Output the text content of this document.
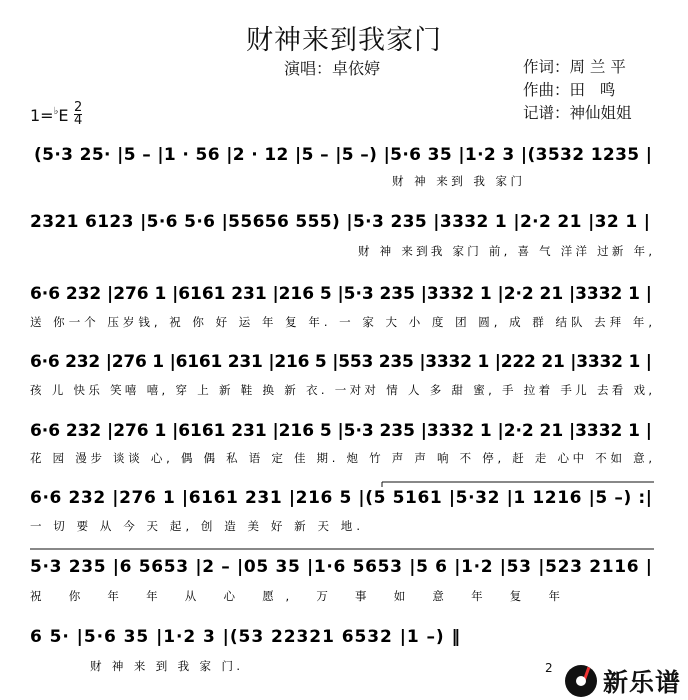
财神来到我家门
演唱：卓依婷	作词：周 兰 平
作曲：田   鸣
记谱：神仙姐姐
1=♭E 2
4
(5·3 25· |5 – |1 · 56 |2 · 12 |5 – |5 –) |5·6 35 |1·2 3 |(3532 1235 |
财 神 来到 我 家门
2321 6123 |5·6 5·6 |55656 555) |5·3 235 |3332 1 |2·2 21 |32 1 |
财 神 来到我 家门 前, 喜 气 洋洋 过新 年,
6·6 232 |276 1 |6161 231 |216 5 |5·3 235 |3332 1 |2·2 21 |3332 1 |
送 你一个 压岁钱, 祝 你 好 运 年 复 年. 一 家 大 小 度 团 圆, 成 群 结队 去拜 年,
6·6 232 |276 1 |6161 231 |216 5 |553 235 |3332 1 |222 21 |3332 1 |
孩 儿 快乐 笑嘻 嘻, 穿 上 新 鞋 换 新 衣. 一对对 情 人 多 甜 蜜, 手 拉着 手儿 去看 戏,
6·6 232 |276 1 |6161 231 |216 5 |5·3 235 |3332 1 |2·2 21 |3332 1 |
花 园 漫步 谈谈 心, 偶 偶 私 语 定 佳 期. 炮 竹 声 声 响 不 停, 赶 走 心中 不如 意,
6·6 232 |276 1 |6161 231 |216 5 |(5 5161 |5·32 |1 1216 |5 –) :|
一 切 要 从 今 天 起, 创 造 美 好 新 天 地.
5·3 235 |6 5653 |2 – |05 35 |1·6 5653 |5 6 |1·2 |53 |523 2116 |
祝 你 年 年 从 心 愿, 万 事 如 意 年 复 年
6 5· |5·6 35 |1·2 3 |(53 22321 6532 |1 –) ‖
财 神 来 到 我 家 门.	2 新乐谱
